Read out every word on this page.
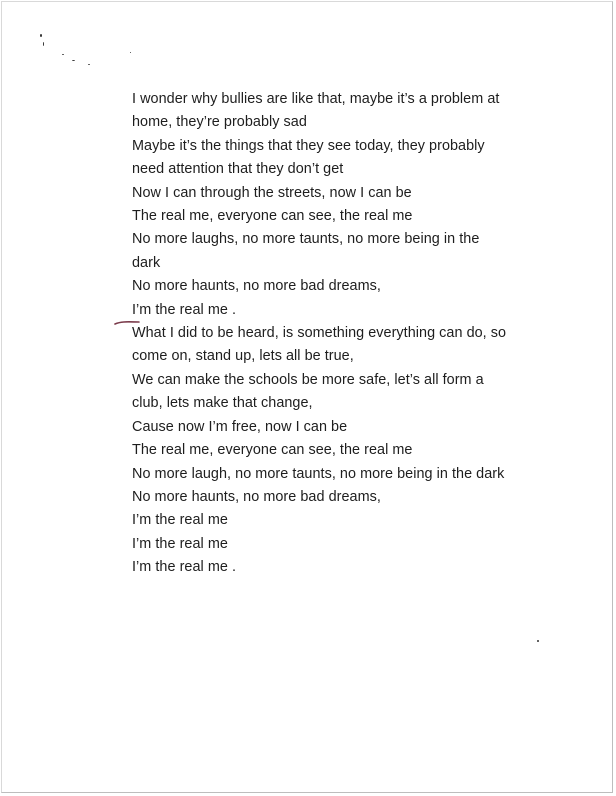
I wonder why bullies are like that, maybe it’s a problem at
home, they’re probably sad
Maybe it’s the things that they see today, they probably
need attention that they don’t get
Now I can through the streets, now I can be
The real me, everyone can see, the real me
No more laughs, no more taunts, no more being in the
dark
No more haunts, no more bad dreams,
I’m the real me .
What I did to be heard, is something everything can do, so
come on, stand up, lets all be true,
We can make the schools be more safe, let’s all form a
club, lets make that change,
Cause now I’m free, now I can be
The real me, everyone can see, the real me
No more laugh, no more taunts, no more being in the dark
No more haunts, no more bad dreams,
I’m the real me
I’m the real me
I’m the real me .
